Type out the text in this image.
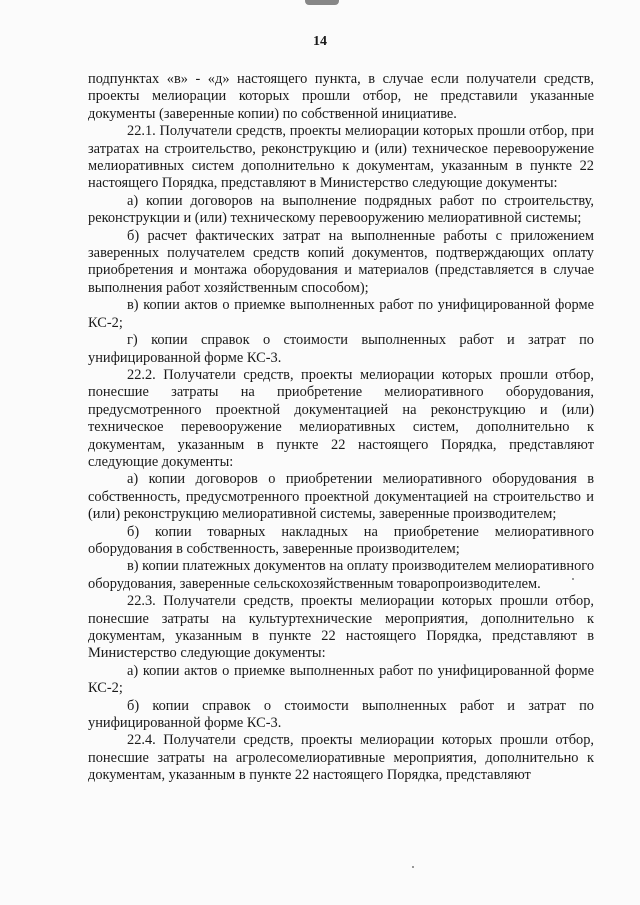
14

подпунктах «в» - «д» настоящего пункта, в случае если получатели средств, проекты мелиорации которых прошли отбор, не представили указанные документы (заверенные копии) по собственной инициативе.

22.1. Получатели средств, проекты мелиорации которых прошли отбор, при затратах на строительство, реконструкцию и (или) техническое перевооружение мелиоративных систем дополнительно к документам, указанным в пункте 22 настоящего Порядка, представляют в Министерство следующие документы:

а) копии договоров на выполнение подрядных работ по строительству, реконструкции и (или) техническому перевооружению мелиоративной системы;

б) расчет фактических затрат на выполненные работы с приложением заверенных получателем средств копий документов, подтверждающих оплату приобретения и монтажа оборудования и материалов (представляется в случае выполнения работ хозяйственным способом);

в) копии актов о приемке выполненных работ по унифицированной форме КС-2;

г) копии справок о стоимости выполненных работ и затрат по унифицированной форме КС-3.

22.2. Получатели средств, проекты мелиорации которых прошли отбор, понесшие затраты на приобретение мелиоративного оборудования, предусмотренного проектной документацией на реконструкцию и (или) техническое перевооружение мелиоративных систем, дополнительно к документам, указанным в пункте 22 настоящего Порядка, представляют следующие документы:

а) копии договоров о приобретении мелиоративного оборудования в собственность, предусмотренного проектной документацией на строительство и (или) реконструкцию мелиоративной системы, заверенные производителем;

б) копии товарных накладных на приобретение мелиоративного оборудования в собственность, заверенные производителем;

в) копии платежных документов на оплату производителем мелиоративного оборудования, заверенные сельскохозяйственным товаропроизводителем.

22.3. Получатели средств, проекты мелиорации которых прошли отбор, понесшие затраты на культуртехнические мероприятия, дополнительно к документам, указанным в пункте 22 настоящего Порядка, представляют в Министерство следующие документы:

а) копии актов о приемке выполненных работ по унифицированной форме КС-2;

б) копии справок о стоимости выполненных работ и затрат по унифицированной форме КС-3.

22.4. Получатели средств, проекты мелиорации которых прошли отбор, понесшие затраты на агролесомелиоративные мероприятия, дополнительно к документам, указанным в пункте 22 настоящего Порядка, представляют
